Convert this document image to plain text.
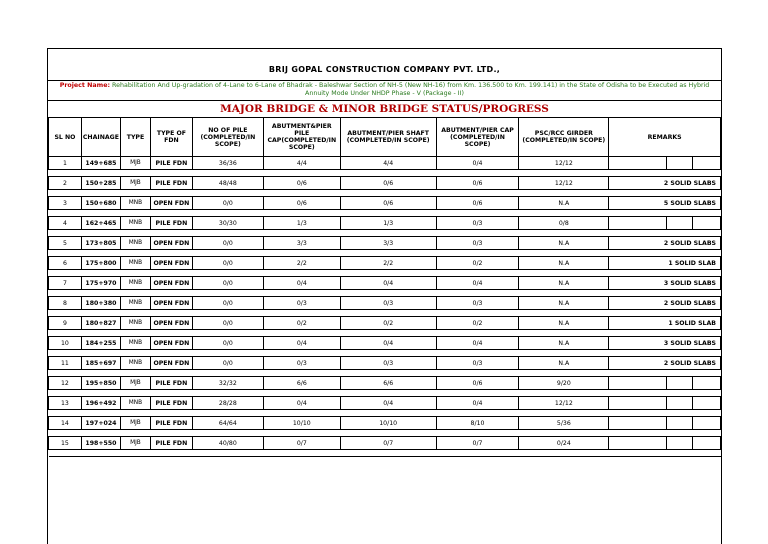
BRIJ GOPAL CONSTRUCTION COMPANY PVT. LTD.,
Project Name: Rehabilitation And Up-gradation of 4-Lane to 6-Lane of Bhadrak - Baleshwar Section of NH-5 (New NH-16) from Km. 136.500 to Km. 199.141) in the State of Odisha to be Executed as Hybrid Annuity Mode Under NHDP Phase - V (Package - II)
MAJOR BRIDGE & MINOR BRIDGE STATUS/PROGRESS
SL NO	CHAINAGE	TYPE	TYPE OF FDN	NO OF PILE (COMPLETED/IN SCOPE)	ABUTMENT&PIER PILE CAP(COMPLETED/IN SCOPE)	ABUTMENT/PIER SHAFT (COMPLETED/IN SCOPE)	ABUTMENT/PIER CAP (COMPLETED/IN SCOPE)	PSC/RCC GIRDER (COMPLETED/IN SCOPE)	REMARKS		
1	149+685	MJB	PILE FDN	36/36	4/4	4/4	0/4	12/12			

2	150+285	MJB	PILE FDN	48/48	0/6	0/6	0/6	12/12	2 SOLID SLABS		

3	150+680	MNB	OPEN FDN	0/0	0/6	0/6	0/6	N.A	5 SOLID SLABS		

4	162+465	MNB	PILE FDN	30/30	1/3	1/3	0/3	0/8			

5	173+805	MNB	OPEN FDN	0/0	3/3	3/3	0/3	N.A	2 SOLID SLABS		

6	175+800	MNB	OPEN FDN	0/0	2/2	2/2	0/2	N.A	1 SOLID SLAB		

7	175+970	MNB	OPEN FDN	0/0	0/4	0/4	0/4	N.A	3 SOLID SLABS		

8	180+380	MNB	OPEN FDN	0/0	0/3	0/3	0/3	N.A	2 SOLID SLABS		

9	180+827	MNB	OPEN FDN	0/0	0/2	0/2	0/2	N.A	1 SOLID SLAB		

10	184+255	MNB	OPEN FDN	0/0	0/4	0/4	0/4	N.A	3 SOLID SLABS		

11	185+697	MNB	OPEN FDN	0/0	0/3	0/3	0/3	N.A	2 SOLID SLABS		

12	195+850	MJB	PILE FDN	32/32	6/6	6/6	0/6	9/20			

13	196+492	MNB	PILE FDN	28/28	0/4	0/4	0/4	12/12			

14	197+024	MJB	PILE FDN	64/64	10/10	10/10	8/10	5/36			

15	198+550	MJB	PILE FDN	40/80	0/7	0/7	0/7	0/24			
